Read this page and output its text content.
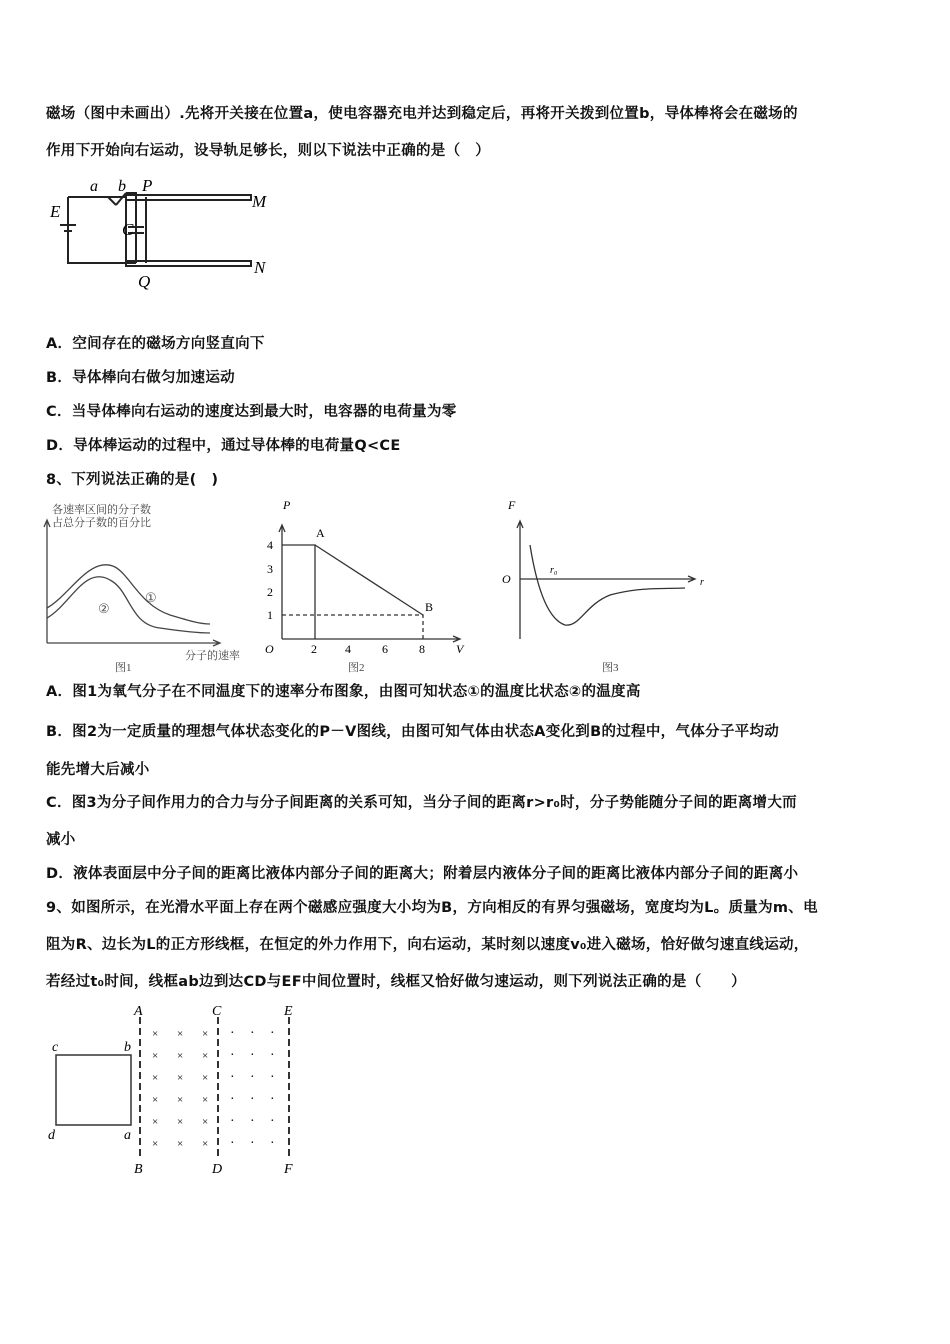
磁场（图中未画出）.先将开关接在位置a，使电容器充电并达到稳定后，再将开关拨到位置b，导体棒将会在磁场的
作用下开始向右运动，设导轨足够长，则以下说法中正确的是（　）
E
a b
C
P
M
Q
N
A．空间存在的磁场方向竖直向下
B．导体棒向右做匀加速运动
C．当导体棒向右运动的速度达到最大时，电容器的电荷量为零
D．导体棒运动的过程中，通过导体棒的电荷量Q<CE
8、下列说法正确的是(　)
各速率区间的分子数
占总分子数的百分比
①
②
分子的速率
图1
P
O
4
3
2
1
2 4	6	8	V
A
B
图2
F
O
r₀
r
图3
A．图1为氧气分子在不同温度下的速率分布图象，由图可知状态①的温度比状态②的温度高
B．图2为一定质量的理想气体状态变化的P－V图线，由图可知气体由状态A变化到B的过程中，气体分子平均动
能先增大后减小
C．图3为分子间作用力的合力与分子间距离的关系可知，当分子间的距离r>r₀时，分子势能随分子间的距离增大而
减小
D．液体表面层中分子间的距离比液体内部分子间的距离大；附着层内液体分子间的距离比液体内部分子间的距离小
9、如图所示，在光滑水平面上存在两个磁感应强度大小均为B，方向相反的有界匀强磁场，宽度均为L。质量为m、电
阻为R、边长为L的正方形线框，在恒定的外力作用下，向右运动，某时刻以速度v₀进入磁场，恰好做匀速直线运动，
若经过t₀时间，线框ab边到达CD与EF中间位置时，线框又恰好做匀速运动，则下列说法正确的是（　　）
× × × · · ·
× × × · · ·
× × × · · ·
× × × · · ·
× × × · · ·
× × × · · ·
c	b
d	a
A
B
C
D
E
F
